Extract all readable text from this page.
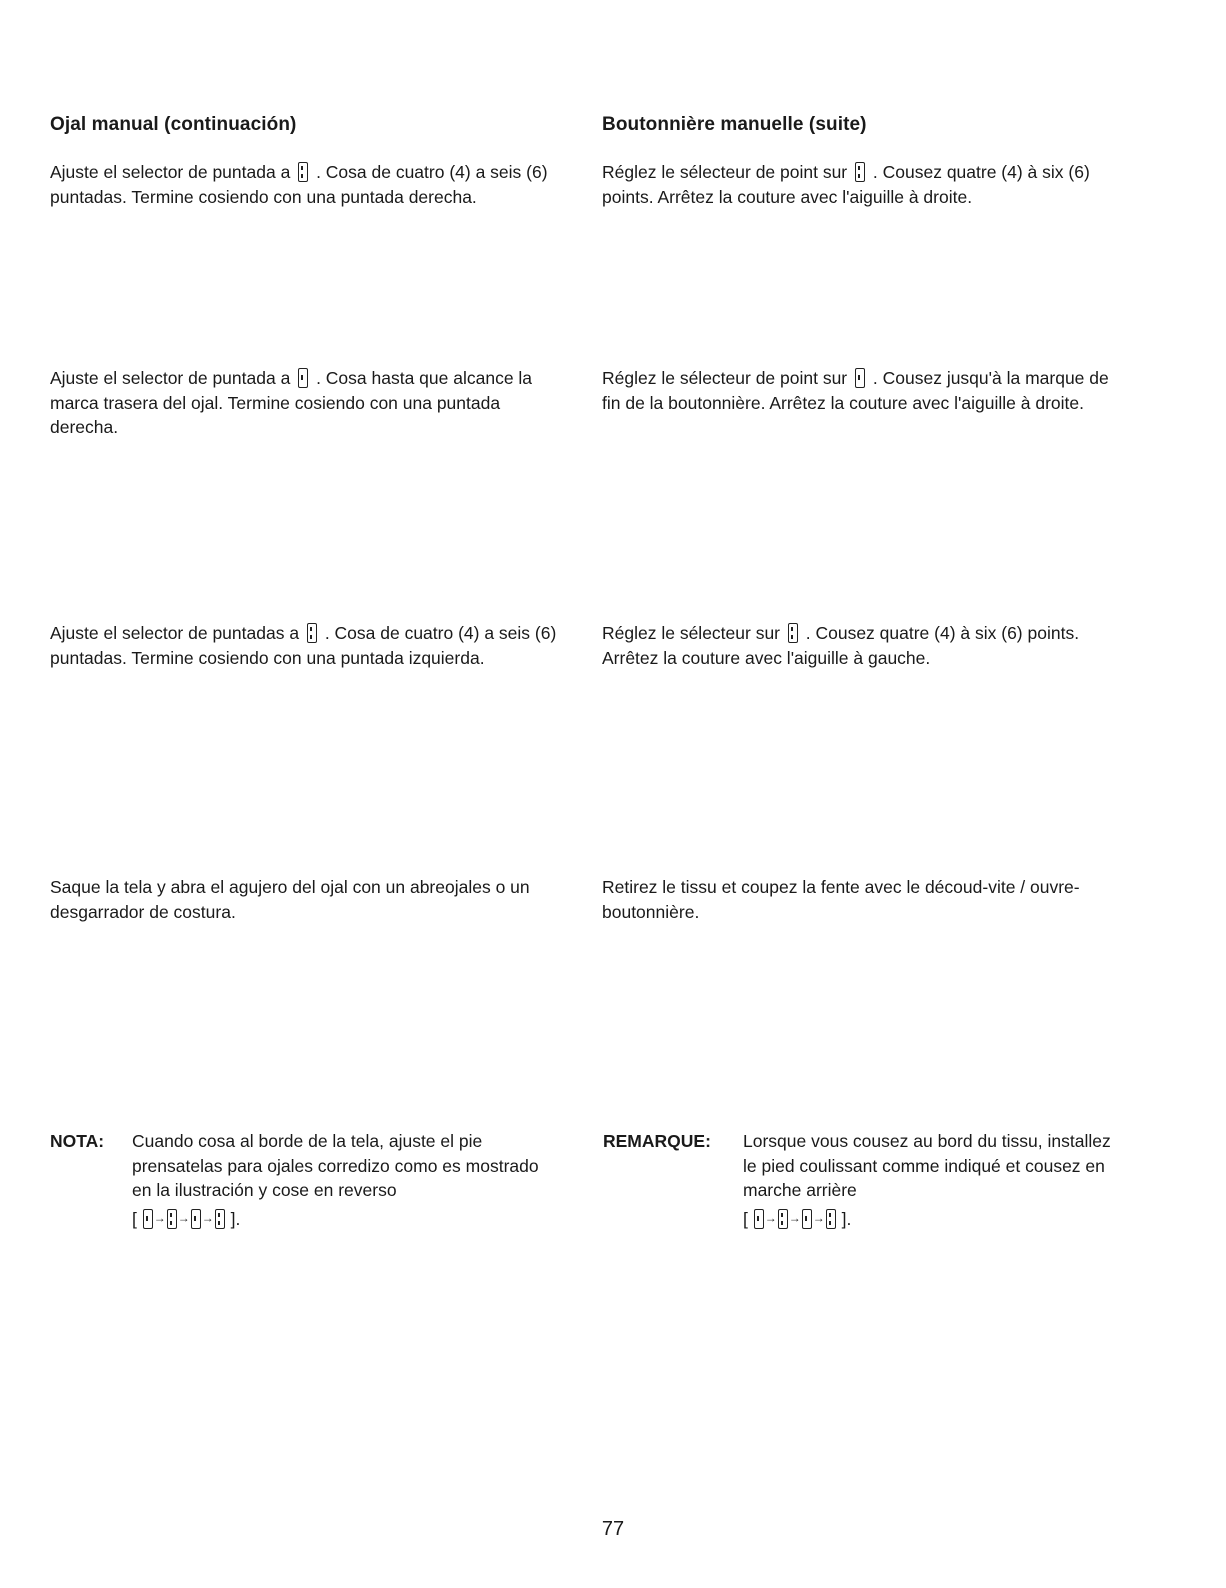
Ojal manual (continuación)
Ajuste el selector de puntada a . Cosa de cuatro (4) a seis (6) puntadas. Termine cosiendo con una puntada derecha.
Ajuste el selector de puntada a . Cosa hasta que alcance la marca trasera del ojal. Termine cosiendo con una puntada derecha.
Ajuste el selector de puntadas a . Cosa de cuatro (4) a seis (6) puntadas. Termine cosiendo con una puntada izquierda.
Saque la tela y abra el agujero del ojal con un abreojales o un desgarrador de costura.
NOTA: Cuando cosa al borde de la tela, ajuste el pie prensatelas para ojales corredizo como es mostrado en la ilustración y cose en reverso
[ → → → ].
Boutonnière manuelle (suite)
Réglez le sélecteur de point sur . Cousez quatre (4) à six (6) points. Arrêtez la couture avec l'aiguille à droite.
Réglez le sélecteur de point sur . Cousez jusqu'à la marque de fin de la boutonnière. Arrêtez la couture avec l'aiguille à droite.
Réglez le sélecteur sur . Cousez quatre (4) à six (6) points. Arrêtez la couture avec l'aiguille à gauche.
Retirez le tissu et coupez la fente avec le découd-vite / ouvre-boutonnière.
REMARQUE: Lorsque vous cousez au bord du tissu, installez le pied coulissant comme indiqué et cousez en marche arrière
[ → → → ].
77
